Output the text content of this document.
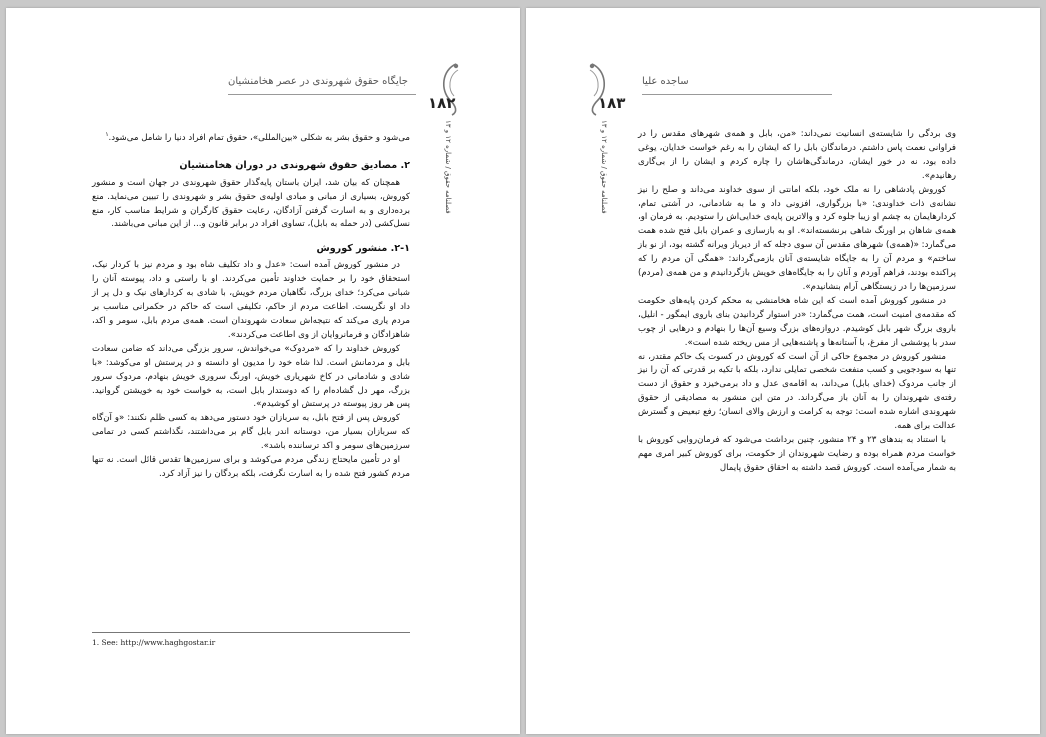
جایگاه حقوق شهروندی در عصر هخامنشیان
۱۸۲
فصلنامه حقوق / شماره ۱۲ و ۱۳

می‌شود و حقوق بشر به شکلی «بین‌المللی»، حقوق تمام افراد دنیا را شامل می‌شود.$^۱$

۲. مصادیق حقوق شهروندی در دوران هخامنشیان

همچنان که بیان شد، ایران باستان پایه‌گذار حقوق شهروندی در جهان است و منشور کوروش، بسیاری از مبانی و مبادی اولیه‌ی حقوق بشر و شهروندی را تبیین می‌نماید. منع برده‌داری و به اسارت گرفتن آزادگان، رعایت حقوق کارگران و شرایط مناسب کار، منع نسل‌کشی (در حمله به بابل)، تساوی افراد در برابر قانون و... از این مبانی می‌باشند.

۲-۱. منشور کوروش

در منشور کوروش آمده است: «عدل و داد تکلیف شاه بود و مردم نیز با کردار نیک، استحقاق خود را بر حمایت خداوند تأمین می‌کردند. او با راستی و داد، پیوسته آنان را شبانی می‌کرد؛ خدای بزرگ، نگاهبان مردم خویش، با شادی به کردارهای نیک و دل پر از داد او نگریست. اطاعت مردم از حاکم، تکلیفی است که حاکم در حکمرانی مناسب بر مردم یاری می‌کند که نتیجه‌اش سعادت شهروندان است. همه‌ی مردم بابل، سومر و اکد، شاهزادگان و فرمانروایان از وی اطاعت می‌کردند».

کوروش خداوند را که «مردوک» می‌خواندش، سرور بزرگی می‌داند که ضامن سعادت بابل و مردمانش است. لذا شاه خود را مدیون او دانسته و در پرستش او می‌کوشد: «با شادی و شادمانی در کاخ شهریاری خویش، اورنگ سروری خویش بنهادم، مردوک سرور بزرگ، مهر دل گشاده‌ام را که دوستدار بابل است، به خواست خود به خویشتن گروانید. پس هر روز پیوسته در پرستش او کوشیدم».

کوروش پس از فتح بابل، به سربازان خود دستور می‌دهد به کسی ظلم نکنند: «و آن‌گاه که سربازان بسیار من، دوستانه اندر بابل گام بر می‌داشتند، نگذاشتم کسی در تمامی سرزمین‌های سومر و اکد ترساننده باشد».

او در تأمین مایحتاج زندگی مردم می‌کوشد و برای سرزمین‌ها تقدس قائل است. نه تنها مردم کشور فتح شده را به اسارت نگرفت، بلکه بردگان را نیز آزاد کرد.

1. See: http://www.haghgostar.ir
ساجده علیا
۱۸۳
فصلنامه حقوق / شماره ۱۲ و ۱۳

وی بردگی را شایسته‌ی انسانیت نمی‌داند: «من، بابل و همه‌ی شهرهای مقدس را در فراوانی نعمت پاس داشتم. درماندگان بابل را که ایشان را به رغم خواست خدایان، یوغی داده بود، نه در خور ایشان، درماندگی‌هاشان را چاره کردم و ایشان را از بی‌گاری رهانیدم».

کوروش پادشاهی را نه ملک خود، بلکه امانتی از سوی خداوند می‌داند و صلح را نیز نشانه‌ی ذات خداوندی: «با بزرگواری، افزونی داد و ما به شادمانی، در آشتی تمام، کردارهایمان به چشم او زیبا جلوه کرد و والاترین پایه‌ی خدایی‌اش را ستودیم. به فرمان او، همه‌ی شاهان بر اورنگ شاهی برنشسته‌اند». او به بازسازی و عمران بابل فتح شده همت می‌گمارد: «(همه‌ی) شهرهای مقدس آن سوی دجله که از دیرباز ویرانه گشته بود، از نو باز ساختم» و مردم آن را به جایگاه شایسته‌ی آنان بازمی‌گرداند: «همگی آن مردم را که پراکنده بودند، فراهم آوردم و آنان را به جایگاه‌های خویش بازگردانیدم و من همه‌ی (مردم) سرزمین‌ها را در زیستگاهی آرام بنشانیدم».

در منشور کوروش آمده است که این شاه هخامنشی به محکم کردن پایه‌های حکومت که مقدمه‌ی امنیت است، همت می‌گمارد: «در استوار گردانیدن بنای باروی ایمگور - انلیل، باروی بزرگ شهر بابل کوشیدم. دروازه‌های بزرگ وسیع آن‌ها را بنهادم و درهایی از چوب سدر با پوششی از مفرغ، با آستانه‌ها و پاشنه‌هایی از مس ریخته شده است».

منشور کوروش در مجموع حاکی از آن است که کوروش در کسوت یک حاکم مقتدر، نه تنها به سودجویی و کسب منفعت شخصی تمایلی ندارد، بلکه با تکیه بر قدرتی که آن را نیز از جانب مردوک (خدای بابل) می‌داند، به اقامه‌ی عدل و داد برمی‌خیزد و حقوق از دست رفته‌ی شهروندان را به آنان باز می‌گرداند. در متن این منشور به مصادیقی از حقوق شهروندی اشاره شده است: توجه به کرامت و ارزش والای انسان؛ رفع تبعیض و گسترش عدالت برای همه.

با استناد به بندهای ۲۳ و ۲۴ منشور، چنین برداشت می‌شود که فرمان‌روایی کوروش با خواست مردم همراه بوده و رضایت شهروندان از حکومت، برای کوروش کبیر امری مهم به شمار می‌آمده است. کوروش قصد داشته به احقاق حقوق پایمال
